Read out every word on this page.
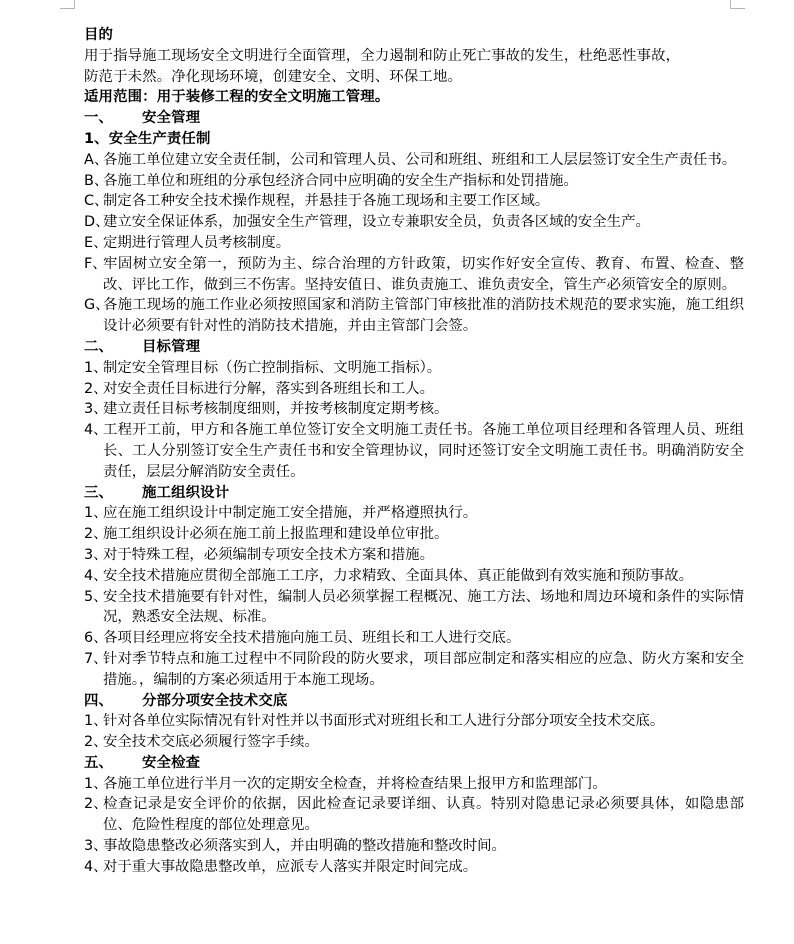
目的
用于指导施工现场安全文明进行全面管理，全力遏制和防止死亡事故的发生，杜绝恶性事故，
防范于未然。净化现场环境，创建安全、文明、环保工地。
适用范围：用于装修工程的安全文明施工管理。
一、 安全管理
1、安全生产责任制
A、
各施工单位建立安全责任制，公司和管理人员、公司和班组、班组和工人层层签订安全生产责任书。
B、
各施工单位和班组的分承包经济合同中应明确的安全生产指标和处罚措施。
C、
制定各工种安全技术操作规程，并悬挂于各施工现场和主要工作区域。
D、
建立安全保证体系，加强安全生产管理，设立专兼职安全员，负责各区域的安全生产。
E、
定期进行管理人员考核制度。
F、
牢固树立安全第一，预防为主、综合治理的方针政策，切实作好安全宣传、教育、布置、检查、整改、评比工作，做到三不伤害。坚持安值日、谁负责施工、谁负责安全，管生产必须管安全的原则。
G、
各施工现场的施工作业必须按照国家和消防主管部门审核批准的消防技术规范的要求实施，施工组织设计必须要有针对性的消防技术措施，并由主管部门会签。
二、 目标管理
1、
制定安全管理目标（伤亡控制指标、文明施工指标）。
2、
对安全责任目标进行分解，落实到各班组长和工人。
3、
建立责任目标考核制度细则，并按考核制度定期考核。
4、
工程开工前，甲方和各施工单位签订安全文明施工责任书。各施工单位项目经理和各管理人员、班组长、工人分别签订安全生产责任书和安全管理协议，同时还签订安全文明施工责任书。明确消防安全责任，层层分解消防安全责任。
三、 施工组织设计
1、
应在施工组织设计中制定施工安全措施，并严格遵照执行。
2、
施工组织设计必须在施工前上报监理和建设单位审批。
3、
对于特殊工程，必须编制专项安全技术方案和措施。
4、
安全技术措施应贯彻全部施工工序，力求精致、全面具体、真正能做到有效实施和预防事故。
5、
安全技术措施要有针对性，编制人员必须掌握工程概况、施工方法、场地和周边环境和条件的实际情况，熟悉安全法规、标准。
6、
各项目经理应将安全技术措施向施工员、班组长和工人进行交底。
7、
针对季节特点和施工过程中不同阶段的防火要求，项目部应制定和落实相应的应急、防火方案和安全措施。，编制的方案必须适用于本施工现场。
四、 分部分项安全技术交底
1、
针对各单位实际情况有针对性并以书面形式对班组长和工人进行分部分项安全技术交底。
2、
安全技术交底必须履行签字手续。
五、 安全检查
1、
各施工单位进行半月一次的定期安全检查，并将检查结果上报甲方和监理部门。
2、
检查记录是安全评价的依据，因此检查记录要详细、认真。特别对隐患记录必须要具体，如隐患部位、危险性程度的部位处理意见。
3、
事故隐患整改必须落实到人，并由明确的整改措施和整改时间。
4、
对于重大事故隐患整改单，应派专人落实并限定时间完成。
